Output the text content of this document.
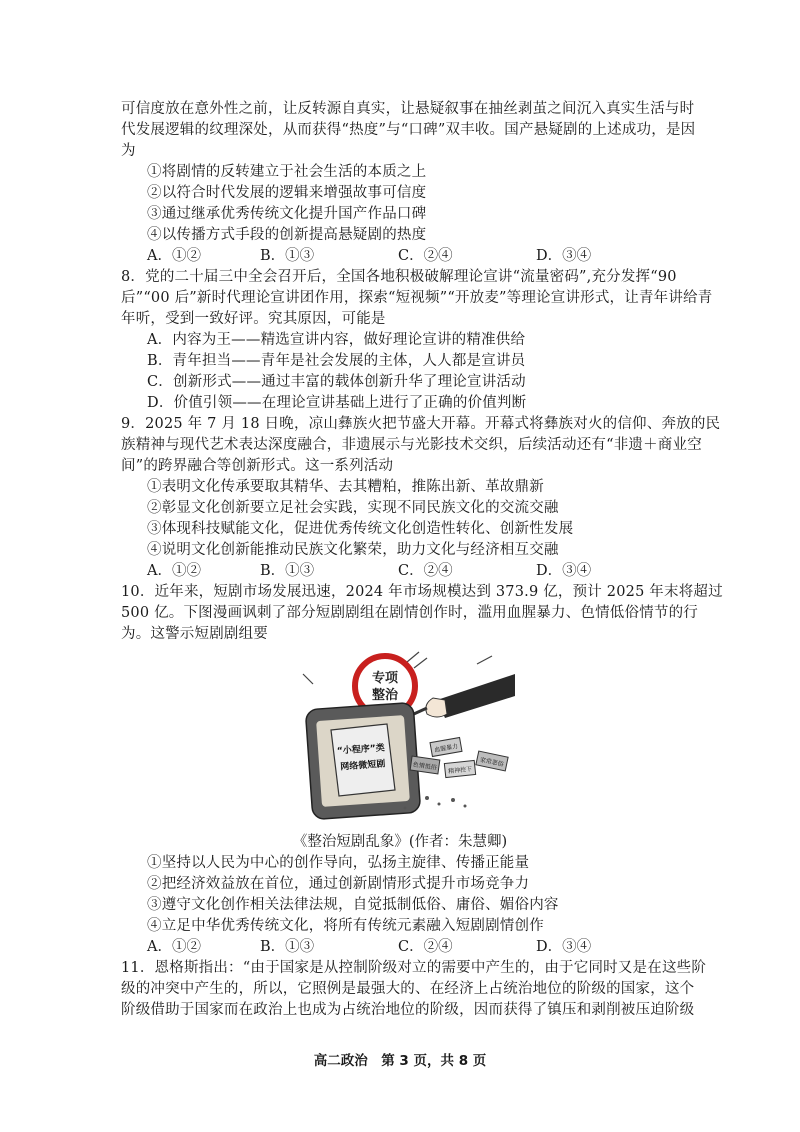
可信度放在意外性之前，让反转源自真实，让悬疑叙事在抽丝剥茧之间沉入真实生活与时
代发展逻辑的纹理深处，从而获得“热度”与“口碑”双丰收。国产悬疑剧的上述成功，是因
为
①将剧情的反转建立于社会生活的本质之上
②以符合时代发展的逻辑来增强故事可信度
③通过继承优秀传统文化提升国产作品口碑
④以传播方式手段的创新提高悬疑剧的热度
A．①②	B．①③	C．②④	D．③④
8．党的二十届三中全会召开后，全国各地积极破解理论宣讲“流量密码”,充分发挥“90
后”“00 后”新时代理论宣讲团作用，探索“短视频”“开放麦”等理论宣讲形式，让青年讲给青
年听，受到一致好评。究其原因，可能是
A．内容为王——精选宣讲内容，做好理论宣讲的精准供给
B．青年担当——青年是社会发展的主体，人人都是宣讲员
C．创新形式——通过丰富的载体创新升华了理论宣讲活动
D．价值引领——在理论宣讲基础上进行了正确的价值判断
9．2025 年 7 月 18 日晚，凉山彝族火把节盛大开幕。开幕式将彝族对火的信仰、奔放的民
族精神与现代艺术表达深度融合，非遗展示与光影技术交织，后续活动还有“非遗＋商业空
间”的跨界融合等创新形式。这一系列活动
①表明文化传承要取其精华、去其糟粕，推陈出新、革故鼎新
②彰显文化创新要立足社会实践，实现不同民族文化的交流交融
③体现科技赋能文化，促进优秀传统文化创造性转化、创新性发展
④说明文化创新能推动民族文化繁荣，助力文化与经济相互交融
A．①②	B．①③	C．②④	D．③④
10．近年来，短剧市场发展迅速，2024 年市场规模达到 373.9 亿，预计 2025 年末将超过
500 亿。下图漫画讽刺了部分短剧剧组在剧情创作时，滥用血腥暴力、色情低俗情节的行
为。这警示短剧剧组要
专项
整治
“小程序”类
网络微短剧
血腥暴力
色情低俗 精神控下
家常恶俗
《整治短剧乱象》(作者：朱慧卿)
①坚持以人民为中心的创作导向，弘扬主旋律、传播正能量
②把经济效益放在首位，通过创新剧情形式提升市场竞争力
③遵守文化创作相关法律法规，自觉抵制低俗、庸俗、媚俗内容
④立足中华优秀传统文化，将所有传统元素融入短剧剧情创作
A．①②	B．①③	C．②④	D．③④
11．恩格斯指出：“由于国家是从控制阶级对立的需要中产生的，由于它同时又是在这些阶
级的冲突中产生的，所以，它照例是最强大的、在经济上占统治地位的阶级的国家，这个
阶级借助于国家而在政治上也成为占统治地位的阶级，因而获得了镇压和剥削被压迫阶级
高二政治　第 3 页，共 8 页
